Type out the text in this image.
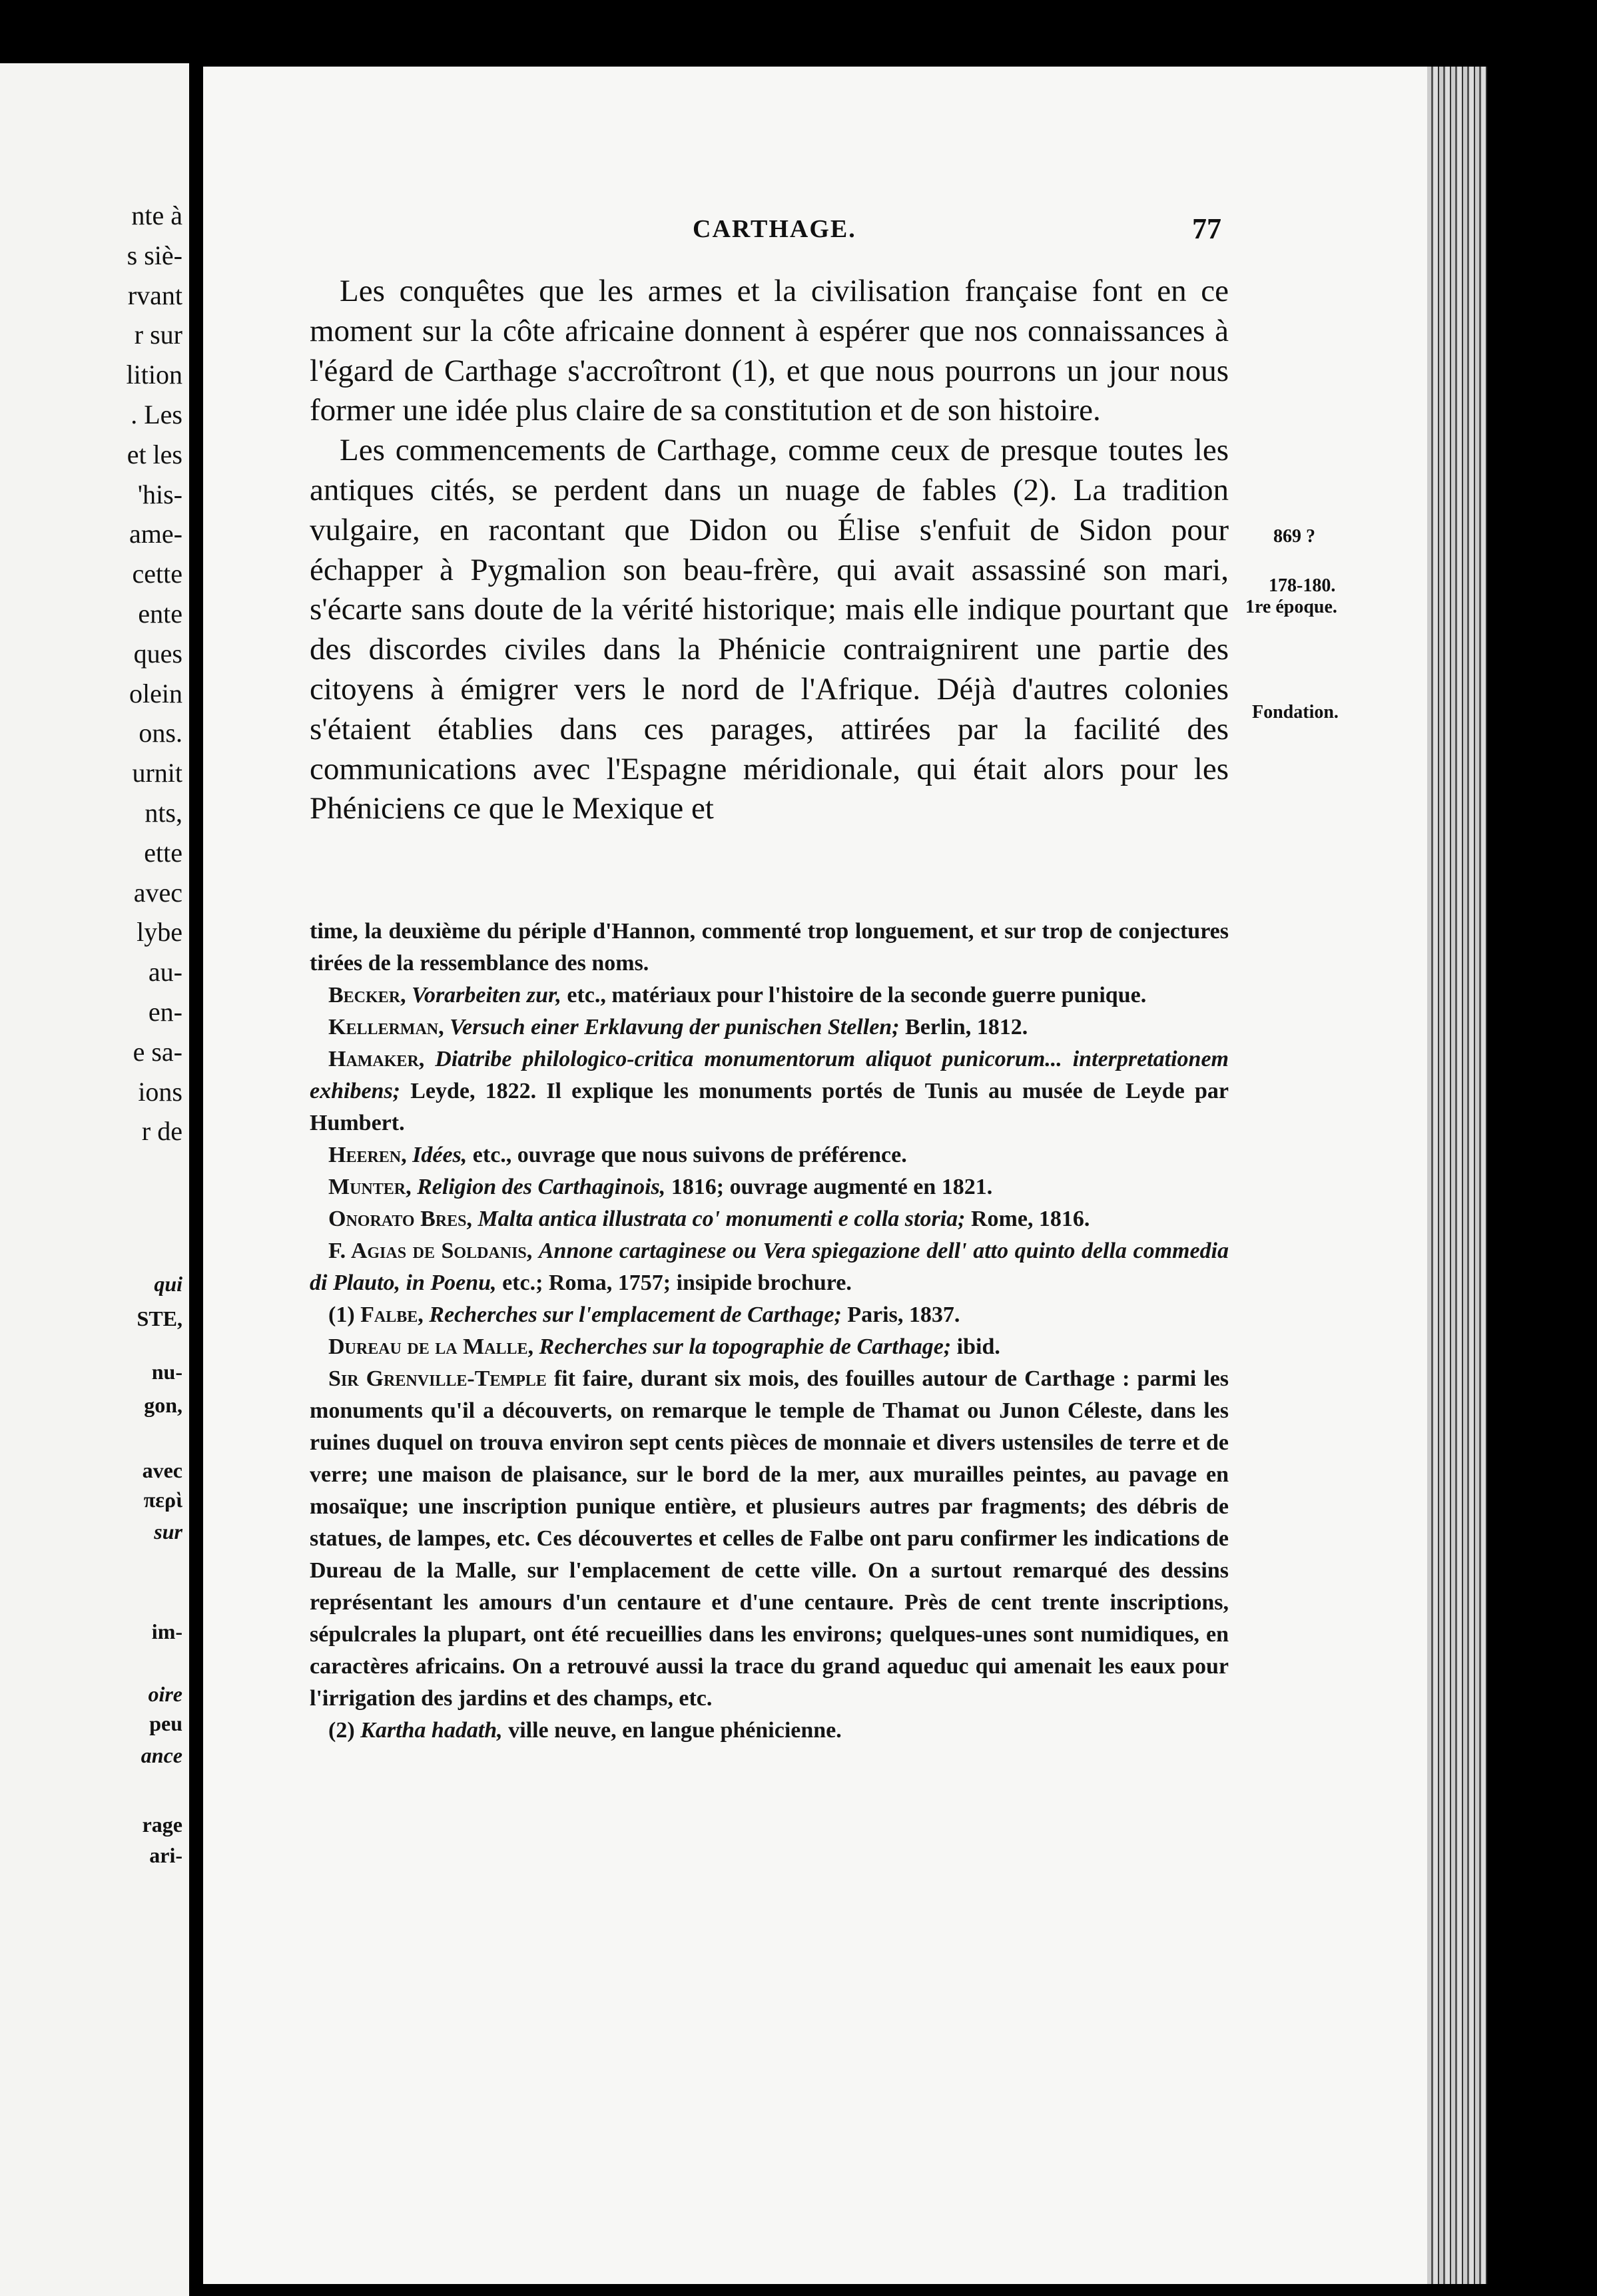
nte à
s siè-
rvant
r sur
lition
. Les
et les
'his-
ame-
cette
ente
ques
olein
ons.
urnit
nts,
ette
avec
lybe
au-
en-
e sa-
ions
r de
qui
STE,
nu-
gon,
avec
περὶ
sur
im-
oire
peu
ance
rage
ari-
CARTHAGE.	77

Les conquêtes que les armes et la civilisation française font en ce moment sur la côte africaine donnent à espérer que nos connaissances à l'égard de Carthage s'accroîtront (1), et que nous pourrons un jour nous former une idée plus claire de sa constitution et de son histoire.

Les commencements de Carthage, comme ceux de presque toutes les antiques cités, se perdent dans un nuage de fables (2). La tradition vulgaire, en racontant que Didon ou Élise s'enfuit de Sidon pour échapper à Pygmalion son beau-frère, qui avait assassiné son mari, s'écarte sans doute de la vérité historique; mais elle indique pourtant que des discordes civiles dans la Phénicie contraignirent une partie des citoyens à émigrer vers le nord de l'Afrique. Déjà d'autres colonies s'étaient établies dans ces parages, attirées par la facilité des communications avec l'Espagne méridionale, qui était alors pour les Phéniciens ce que le Mexique et

869 ?
178-180.
1re époque.
Fondation.

time, la deuxième du périple d'Hannon, commenté trop longuement, et sur trop de conjectures tirées de la ressemblance des noms.

Becker, Vorarbeiten zur, etc., matériaux pour l'histoire de la seconde guerre punique.

Kellerman, Versuch einer Erklavung der punischen Stellen; Berlin, 1812.

Hamaker, Diatribe philologico-critica monumentorum aliquot punicorum... interpretationem exhibens; Leyde, 1822. Il explique les monuments portés de Tunis au musée de Leyde par Humbert.

Heeren, Idées, etc., ouvrage que nous suivons de préférence.

Munter, Religion des Carthaginois, 1816; ouvrage augmenté en 1821.

Onorato Bres, Malta antica illustrata co' monumenti e colla storia; Rome, 1816.

F. Agias de Soldanis, Annone cartaginese ou Vera spiegazione dell' atto quinto della commedia di Plauto, in Poenu, etc.; Roma, 1757; insipide brochure.

(1) Falbe, Recherches sur l'emplacement de Carthage; Paris, 1837.

Dureau de la Malle, Recherches sur la topographie de Carthage; ibid.

Sir Grenville-Temple fit faire, durant six mois, des fouilles autour de Carthage : parmi les monuments qu'il a découverts, on remarque le temple de Thamat ou Junon Céleste, dans les ruines duquel on trouva environ sept cents pièces de monnaie et divers ustensiles de terre et de verre; une maison de plaisance, sur le bord de la mer, aux murailles peintes, au pavage en mosaïque; une inscription punique entière, et plusieurs autres par fragments; des débris de statues, de lampes, etc. Ces découvertes et celles de Falbe ont paru confirmer les indications de Dureau de la Malle, sur l'emplacement de cette ville. On a surtout remarqué des dessins représentant les amours d'un centaure et d'une centaure. Près de cent trente inscriptions, sépulcrales la plupart, ont été recueillies dans les environs; quelques-unes sont numidiques, en caractères africains. On a retrouvé aussi la trace du grand aqueduc qui amenait les eaux pour l'irrigation des jardins et des champs, etc.

(2) Kartha hadath, ville neuve, en langue phénicienne.
